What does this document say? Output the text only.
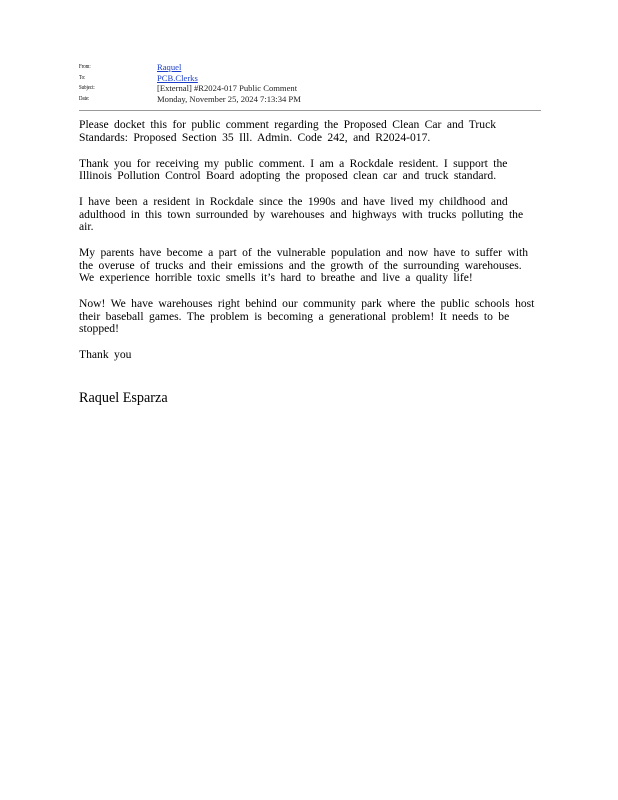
From:	Raquel
To:	PCB.Clerks
Subject:	[External] #R2024-017 Public Comment
Date:	Monday, November 25, 2024 7:13:34 PM

Please docket this for public comment regarding the Proposed Clean Car and Truck Standards: Proposed Section 35 Ill. Admin. Code 242, and R2024-017.

Thank you for receiving my public comment. I am a Rockdale resident. I support the Illinois Pollution Control Board adopting the proposed clean car and truck standard.

I have been a resident in Rockdale since the 1990s and have lived my childhood and adulthood in this town surrounded by warehouses and highways with trucks polluting the air.

My parents have become a part of the vulnerable population and now have to suffer with the overuse of trucks and their emissions and the growth of the surrounding warehouses. We experience horrible toxic smells it’s hard to breathe and live a quality life!

Now! We have warehouses right behind our community park where the public schools host their baseball games. The problem is becoming a generational problem! It needs to be stopped!

Thank you

Raquel Esparza
